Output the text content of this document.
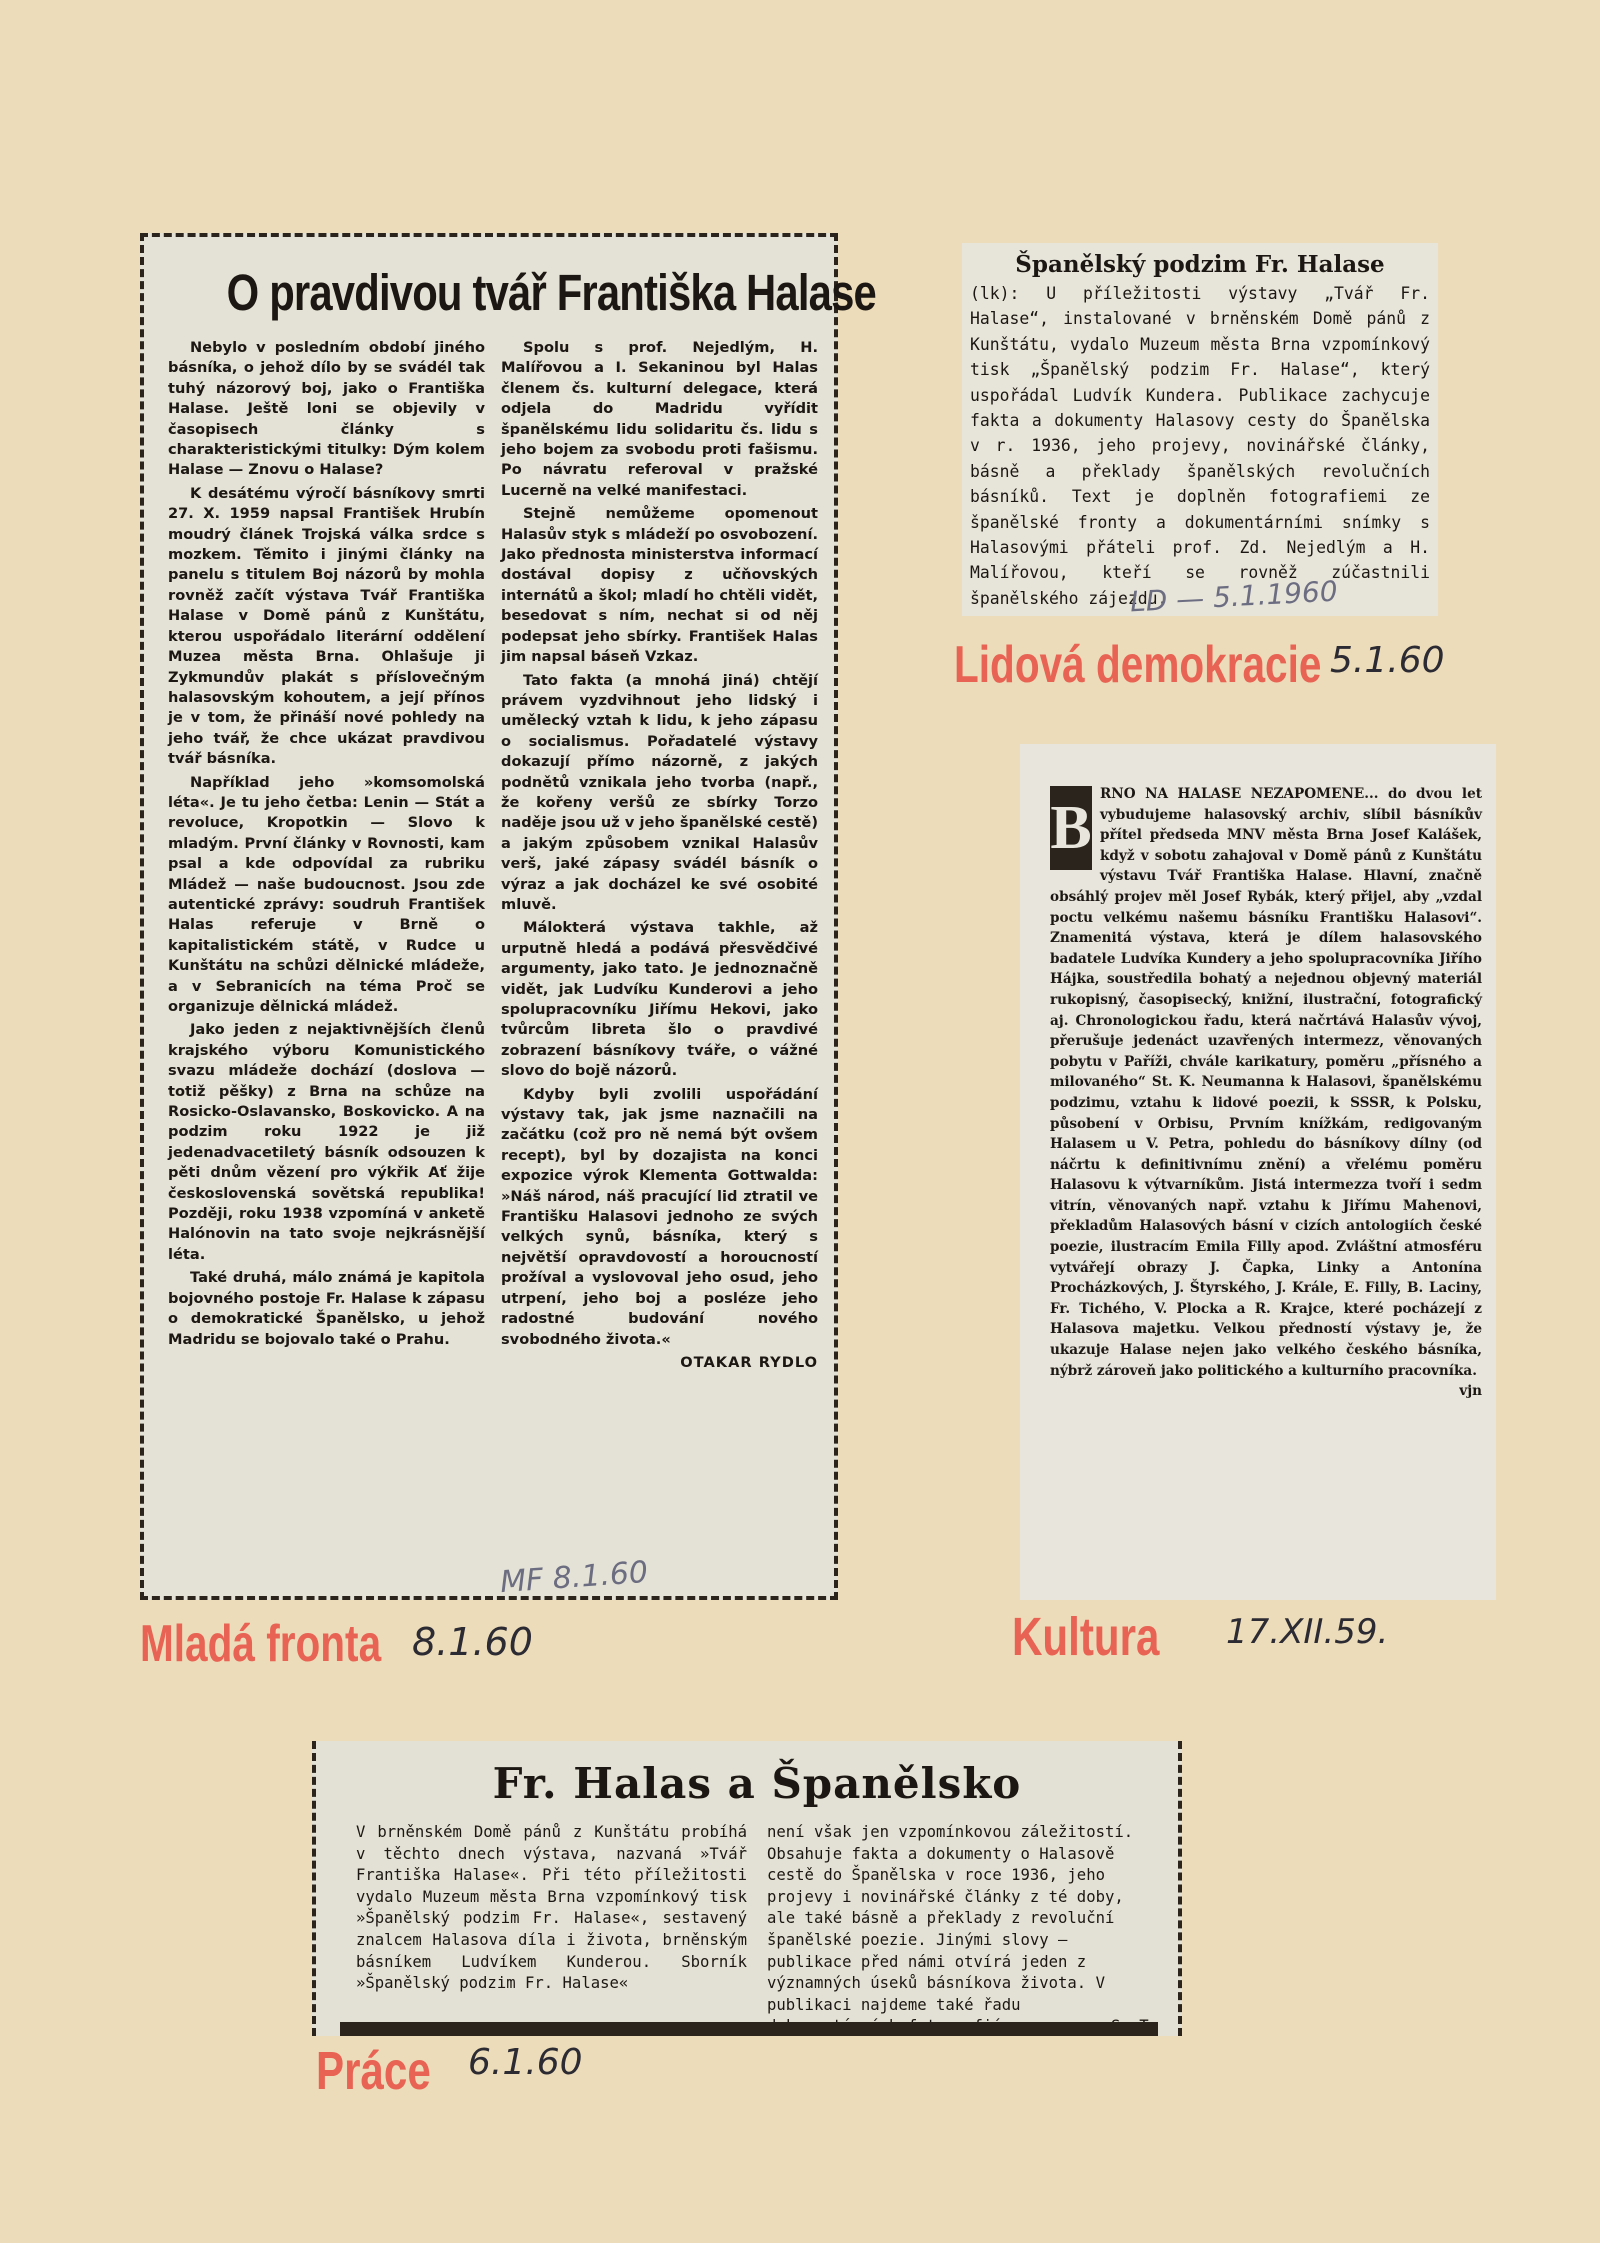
O pravdivou tvář Františka Halase

Nebylo v posledním období jiného básníka, o jehož dílo by se svádél tak tuhý názorový boj, jako o Františka Halase. Ještě loni se objevily v časopisech články s charakteristickými titulky: Dým kolem Halase — Znovu o Halase?

K desátému výročí básníkovy smrti 27. X. 1959 napsal František Hrubín moudrý článek Trojská válka srdce s mozkem. Těmito i jinými články na panelu s titulem Boj názorů by mohla rovněž začít výstava Tvář Františka Halase v Domě pánů z Kunštátu, kterou uspořádalo literární oddělení Muzea města Brna. Ohlašuje ji Zykmundův plakát s příslovečným halasovským kohoutem, a její přínos je v tom, že přináší nové pohledy na jeho tvář, že chce ukázat pravdivou tvář básníka.

Například jeho »komsomolská léta«. Je tu jeho četba: Lenin — Stát a revoluce, Kropotkin — Slovo k mladým. První články v Rovnosti, kam psal a kde odpovídal za rubriku Mládež — naše budoucnost. Jsou zde autentické zprávy: soudruh František Halas referuje v Brně o kapitalistickém státě, v Rudce u Kunštátu na schůzi dělnické mládeže, a v Sebranicích na téma Proč se organizuje dělnická mládež.

Jako jeden z nejaktivnějších členů krajského výboru Komunistického svazu mládeže dochází (doslova — totiž pěšky) z Brna na schůze na Rosicko-Oslavansko, Boskovicko. A na podzim roku 1922 je již jedenadvacetiletý básník odsouzen k pěti dnům vězení pro výkřik Ať žije československá sovětská republika! Později, roku 1938 vzpomíná v anketě Halónovin na tato svoje nejkrásnější léta.

Také druhá, málo známá je kapitola bojovného postoje Fr. Halase k zápasu o demokratické Španělsko, u jehož Madridu se bojovalo také o Prahu.

Spolu s prof. Nejedlým, H. Malířovou a I. Sekaninou byl Halas členem čs. kulturní delegace, která odjela do Madridu vyřídit španělskému lidu solidaritu čs. lidu s jeho bojem za svobodu proti fašismu. Po návratu referoval v pražské Lucerně na velké manifestaci.

Stejně nemůžeme opomenout Halasův styk s mládeží po osvobození. Jako přednosta ministerstva informací dostával dopisy z učňovských internátů a škol; mladí ho chtěli vidět, besedovat s ním, nechat si od něj podepsat jeho sbírky. František Halas jim napsal báseň Vzkaz.

Tato fakta (a mnohá jiná) chtějí právem vyzdvihnout jeho lidský i umělecký vztah k lidu, k jeho zápasu o socialismus. Pořadatelé výstavy dokazují přímo názorně, z jakých podnětů vznikala jeho tvorba (např., že kořeny veršů ze sbírky Torzo naděje jsou už v jeho španělské cestě) a jakým způsobem vznikal Halasův verš, jaké zápasy svádél básník o výraz a jak docházel ke své osobité mluvě.

Málokterá výstava takhle, až urputně hledá a podává přesvědčivé argumenty, jako tato. Je jednoznačně vidět, jak Ludvíku Kunderovi a jeho spolupracovníku Jiřímu Hekovi, jako tvůrcům libreta šlo o pravdivé zobrazení básníkovy tváře, o vážné slovo do bojě názorů.

Kdyby byli zvolili uspořádání výstavy tak, jak jsme naznačili na začátku (což pro ně nemá být ovšem recept), byl by dozajista na konci expozice výrok Klementa Gottwalda: »Náš národ, náš pracující lid ztratil ve Františku Halasovi jednoho ze svých velkých synů, básníka, který s největší opravdovostí a horoucností prožíval a vyslovoval jeho osud, jeho utrpení, jeho boj a posléze jeho radostné budování nového svobodného života.«

OTAKAR RYDLO
Španělský podzim Fr. Halase

(lk): U příležitosti výstavy „Tvář Fr. Halase“, instalované v brněnském Domě pánů z Kunštátu, vydalo Muzeum města Brna vzpomínkový tisk „Španělský podzim Fr. Halase“, který uspořádal Ludvík Kundera. Publikace zachycuje fakta a dokumenty Halasovy cesty do Španělska v r. 1936, jeho projevy, novinářské články, básně a překlady španělských revolučních básníků. Text je doplněn fotografiemi ze španělské fronty a dokumentárními snímky s Halasovými přáteli prof. Zd. Nejedlým a H. Malířovou, kteří se rovněž zúčastnili španělského zájezdu.

B RNO NA HALASE NEZAPOMENE... do dvou let vybudujeme halasovský archiv, slíbil básníkův přítel předseda MNV města Brna Josef Kalášek, když v sobotu zahajoval v Domě pánů z Kunštátu výstavu Tvář Františka Halase. Hlavní, značně obsáhlý projev měl Josef Rybák, který přijel, aby „vzdal poctu velkému našemu básníku Františku Halasovi“. Znamenitá výstava, která je dílem halasovského badatele Ludvíka Kundery a jeho spolupracovníka Jiřího Hájka, soustředila bohatý a nejednou objevný materiál rukopisný, časopisecký, knižní, ilustrační, fotografický aj. Chronologickou řadu, která načrtává Halasův vývoj, přerušuje jedenáct uzavřených intermezz, věnovaných pobytu v Paříži, chvále karikatury, poměru „přísného a milovaného“ St. K. Neumanna k Halasovi, španělskému podzimu, vztahu k lidové poezii, k SSSR, k Polsku, působení v Orbisu, Prvním knížkám, redigovaným Halasem u V. Petra, pohledu do básníkovy dílny (od náčrtu k definitivnímu znění) a vřelému poměru Halasovu k výtvarníkům. Jistá intermezza tvoří i sedm vitrín, věnovaných např. vztahu k Jiřímu Mahenovi, překladům Halasových básní v cizích antologiích české poezie, ilustracím Emila Filly apod. Zvláštní atmosféru vytvářejí obrazy J. Čapka, Linky a Antonína Procházkových, J. Štyrského, J. Krále, E. Filly, B. Laciny, Fr. Tichého, V. Plocka a R. Krajce, které pocházejí z Halasova majetku. Velkou předností výstavy je, že ukazuje Halase nejen jako velkého českého básníka, nýbrž zároveň jako politického a kulturního pracovníka.
vjn
Fr. Halas a Španělsko

V brněnském Domě pánů z Kunštátu probíhá v těchto dnech výstava, nazvaná »Tvář Františka Halase«. Při této příležitosti vydalo Muzeum města Brna vzpomínkový tisk »Španělský podzim Fr. Halase«, sestavený znalcem Halasova díla i života, brněnským básníkem Ludvíkem Kunderou. Sborník »Španělský podzim Fr. Halase«

není však jen vzpomínkovou záležitostí. Obsahuje fakta a dokumenty o Halasově cestě do Španělska v roce 1936, jeho projevy i novinářské články z té doby, ale také básně a překlady z revoluční španělské poezie. Jinými slovy — publikace před námi otvírá jeden z významných úseků básníkova života. V publikaci najdeme také řadu
Mladá fronta
Lidová demokracie
Kultura
Práce
8.1.60
MF 8.1.60
5.1.60
LD — 5.1.1960
17.XII.59.
6.1.60
